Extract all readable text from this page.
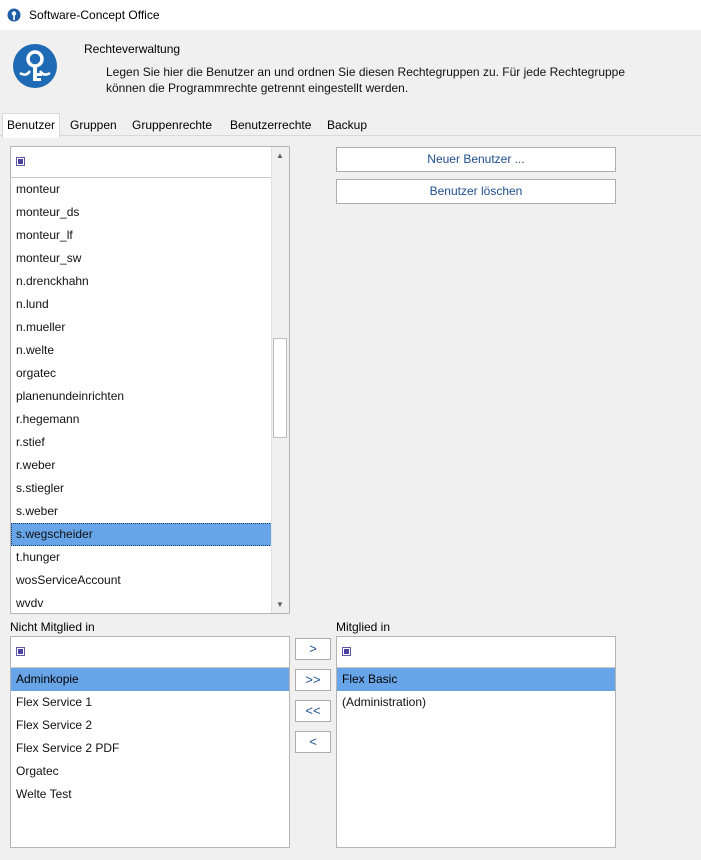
Software-Concept Office
Rechteverwaltung
Legen Sie hier die Benutzer an und ordnen Sie diesen Rechtegruppen zu. Für jede Rechtegruppe können die Programmrechte getrennt eingestellt werden.
Benutzer	Gruppen	Gruppenrechte	Benutzerrechte	Backup
monteur
monteur_ds
monteur_lf
monteur_sw
n.drenckhahn
n.lund
n.mueller
n.welte
orgatec
planenundeinrichten
r.hegemann
r.stief
r.weber
s.stiegler
s.weber
s.wegscheider
t.hunger
wosServiceAccount
wvdv
▲
▼
Neuer Benutzer ...
Benutzer löschen
Nicht Mitglied in
Adminkopie
Flex Service 1
Flex Service 2
Flex Service 2 PDF
Orgatec
Welte Test
>
>>
<<
<
Mitglied in
Flex Basic
(Administration)
